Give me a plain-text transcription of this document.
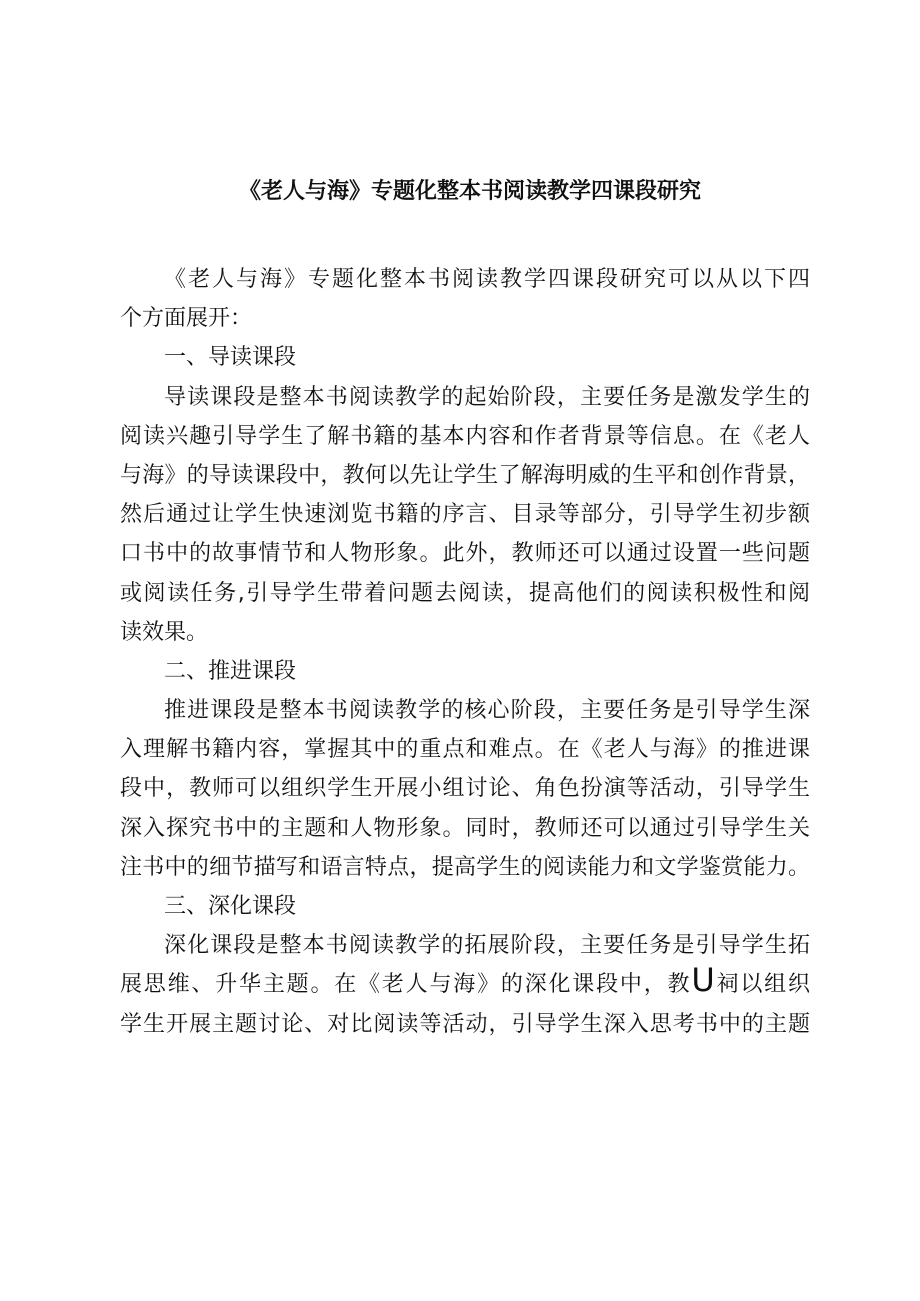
《老人与海》专题化整本书阅读教学四课段研究
《老人与海》专题化整本书阅读教学四课段研究可以从以下四
个方面展开：
一、导读课段
导读课段是整本书阅读教学的起始阶段，主要任务是激发学生的
阅读兴趣引导学生了解书籍的基本内容和作者背景等信息。在《老人
与海》的导读课段中，教何以先让学生了解海明威的生平和创作背景，
然后通过让学生快速浏览书籍的序言、目录等部分，引导学生初步额
口书中的故事情节和人物形象。此外，教师还可以通过设置一些问题
或阅读任务,引导学生带着问题去阅读，提高他们的阅读积极性和阅
读效果。
二、推进课段
推进课段是整本书阅读教学的核心阶段，主要任务是引导学生深
入理解书籍内容，掌握其中的重点和难点。在《老人与海》的推进课
段中，教师可以组织学生开展小组讨论、角色扮演等活动，引导学生
深入探究书中的主题和人物形象。同时，教师还可以通过引导学生关
注书中的细节描写和语言特点，提高学生的阅读能力和文学鉴赏能力。
三、深化课段
深化课段是整本书阅读教学的拓展阶段，主要任务是引导学生拓
展思维、升华主题。在《老人与海》的深化课段中，教U祠以组织
学生开展主题讨论、对比阅读等活动，引导学生深入思考书中的主题
